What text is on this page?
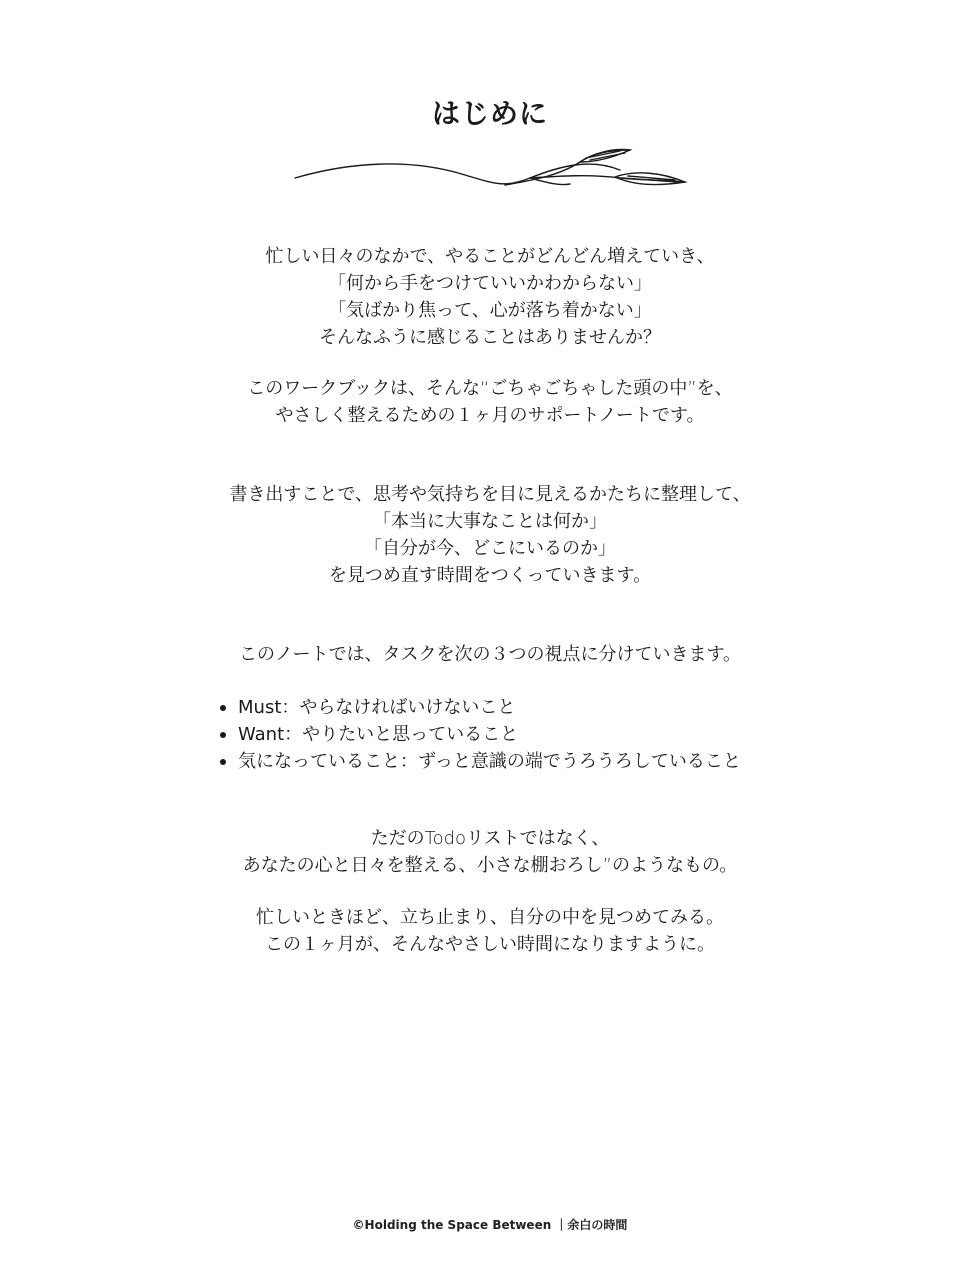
はじめに

忙しい日々のなかで、やることがどんどん増えていき、

「何から手をつけていいかわからない」

「気ばかり焦って、心が落ち着かない」

そんなふうに感じることはありませんか？

このワークブックは、そんな“ごちゃごちゃした頭の中”を、

やさしく整えるための１ヶ月のサポートノートです。

書き出すことで、思考や気持ちを目に見えるかたちに整理して、

「本当に大事なことは何か」

「自分が今、どこにいるのか」

を見つめ直す時間をつくっていきます。

このノートでは、タスクを次の３つの視点に分けていきます。

Must：やらなければいけないこと
Want：やりたいと思っていること
気になっていること：ずっと意識の端でうろうろしていること

ただのTodoリストではなく、

あなたの心と日々を整える、小さな棚おろし”のようなもの。

忙しいときほど、立ち止まり、自分の中を見つめてみる。

この１ヶ月が、そんなやさしい時間になりますように。

©Holding the Space Between ｜余白の時間
